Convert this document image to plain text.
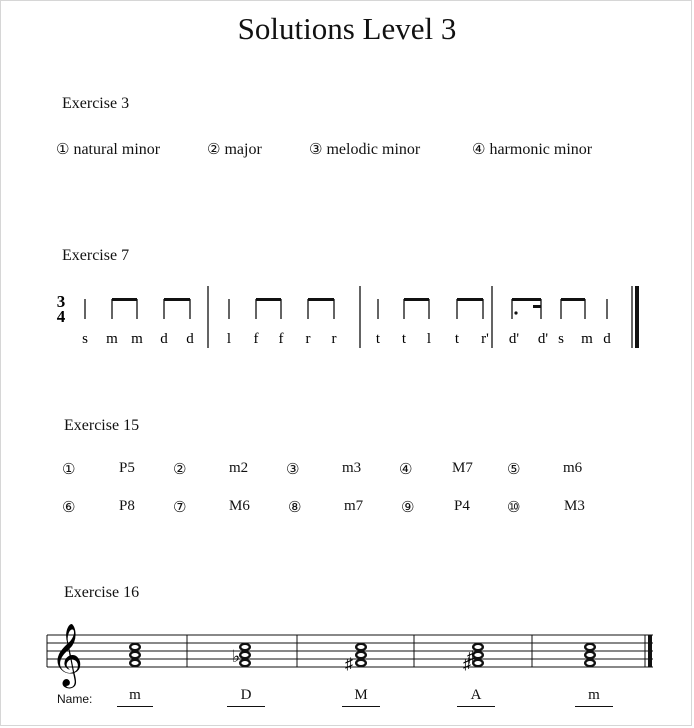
Solutions Level 3
Exercise 3
① natural minor	② major	③ melodic minor	④ harmonic minor
Exercise 7
3
4
s m m d d l f f r r	t t l t r' d' d' s m d
Exercise 15
①	P5	②	m2	③	m3	④	M7 ⑤	m6
⑥	P8	⑦	M6	⑧	m7	⑨	P4 ⑩	M3
Exercise 16
𝄞	♭	♯	♯
♯
Name:	m	D	M	A	m
